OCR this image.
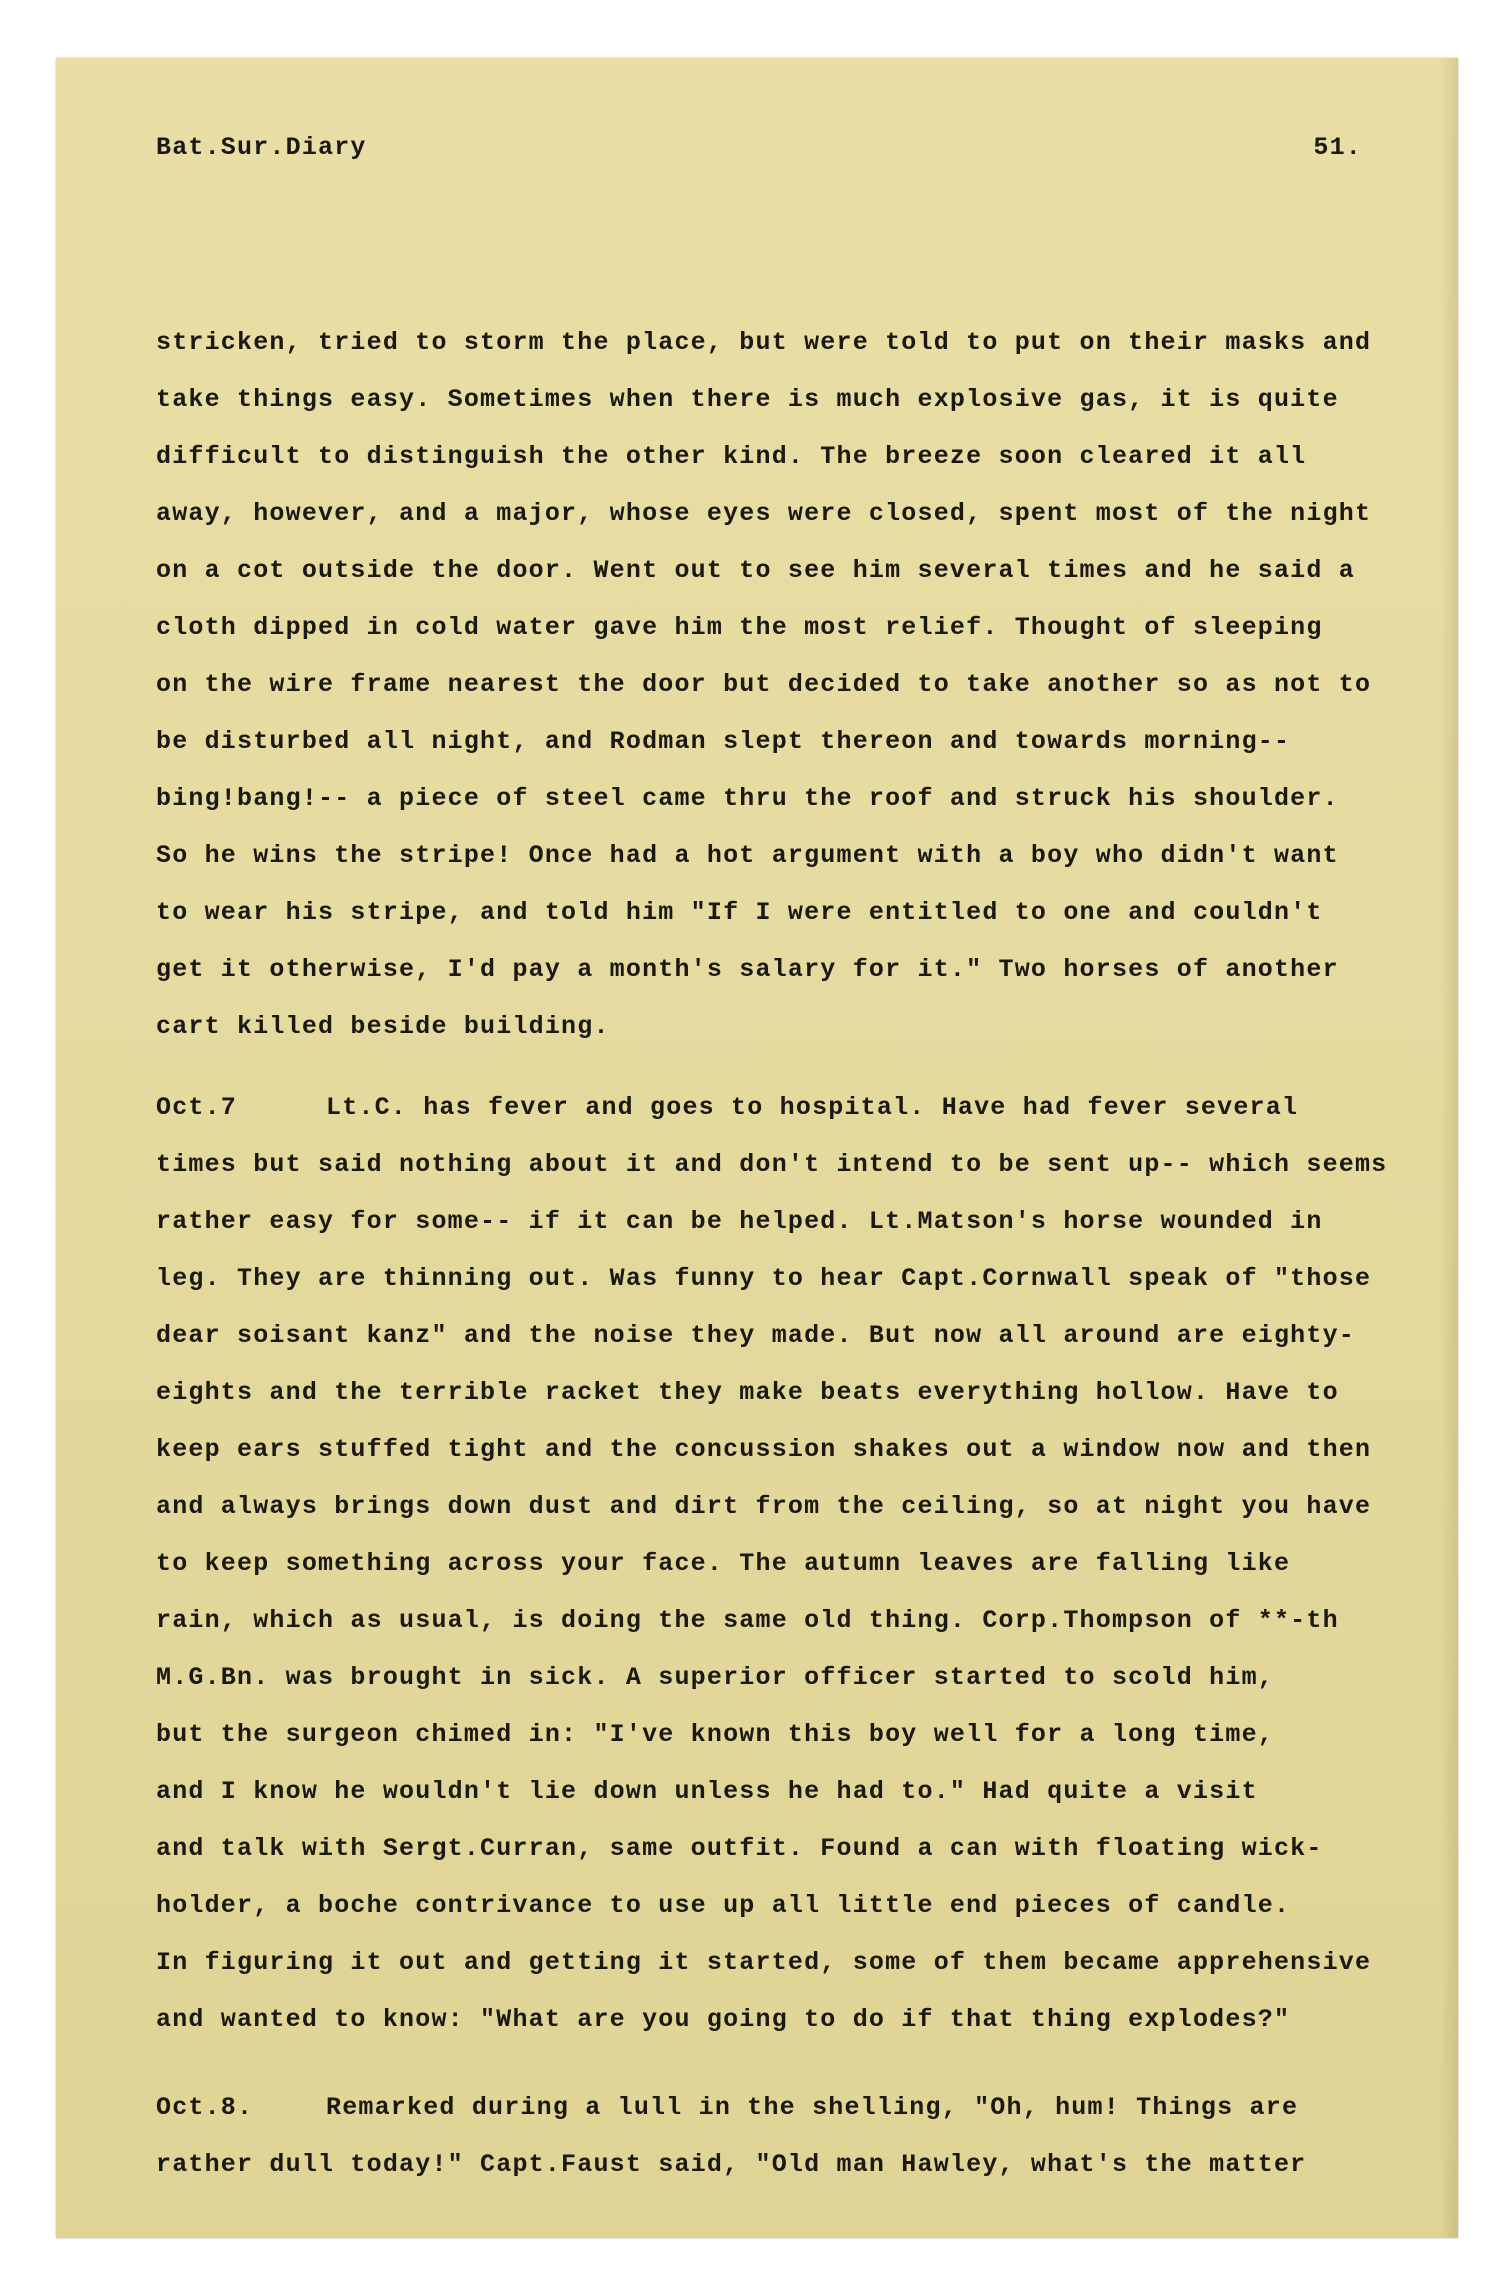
Bat.Sur.Diary	51.
stricken, tried to storm the place, but were told to put on their masks and
take things easy. Sometimes when there is much explosive gas, it is quite
difficult to distinguish the other kind. The breeze soon cleared it all
away, however, and a major, whose eyes were closed, spent most of the night
on a cot outside the door. Went out to see him several times and he said a
cloth dipped in cold water gave him the most relief. Thought of sleeping
on the wire frame nearest the door but decided to take another so as not to
be disturbed all night, and Rodman slept thereon and towards morning--
bing!bang!-- a piece of steel came thru the roof and struck his shoulder.
So he wins the stripe! Once had a hot argument with a boy who didn't want
to wear his stripe, and told him "If I were entitled to one and couldn't
get it otherwise, I'd pay a month's salary for it." Two horses of another
cart killed beside building.
Oct.7	Lt.C. has fever and goes to hospital. Have had fever several
times but said nothing about it and don't intend to be sent up-- which seems
rather easy for some-- if it can be helped. Lt.Matson's horse wounded in
leg. They are thinning out. Was funny to hear Capt.Cornwall speak of "those
dear soisant kanz" and the noise they made. But now all around are eighty-
eights and the terrible racket they make beats everything hollow. Have to
keep ears stuffed tight and the concussion shakes out a window now and then
and always brings down dust and dirt from the ceiling, so at night you have
to keep something across your face. The autumn leaves are falling like
rain, which as usual, is doing the same old thing. Corp.Thompson of **-th
M.G.Bn. was brought in sick. A superior officer started to scold him,
but the surgeon chimed in: "I've known this boy well for a long time,
and I know he wouldn't lie down unless he had to." Had quite a visit
and talk with Sergt.Curran, same outfit. Found a can with floating wick-
holder, a boche contrivance to use up all little end pieces of candle.
In figuring it out and getting it started, some of them became apprehensive
and wanted to know: "What are you going to do if that thing explodes?"
Oct.8.	Remarked during a lull in the shelling, "Oh, hum! Things are
rather dull today!" Capt.Faust said, "Old man Hawley, what's the matter
